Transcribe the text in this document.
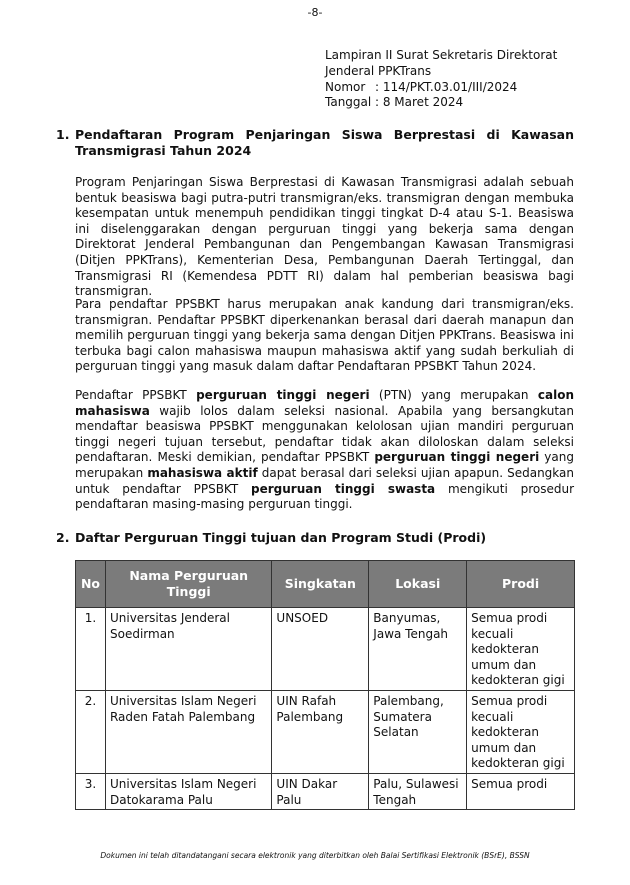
-8-
Lampiran II Surat Sekretaris Direktorat
Jenderal PPKTrans
Nomor : 114/PKT.03.01/III/2024
Tanggal : 8 Maret 2024
1. Pendaftaran Program Penjaringan Siswa Berprestasi di Kawasan Transmigrasi Tahun 2024
Program Penjaringan Siswa Berprestasi di Kawasan Transmigrasi adalah sebuah bentuk beasiswa bagi putra-putri transmigran/eks. transmigran dengan membuka kesempatan untuk menempuh pendidikan tinggi tingkat D-4 atau S-1. Beasiswa ini diselenggarakan dengan perguruan tinggi yang bekerja sama dengan Direktorat Jenderal Pembangunan dan Pengembangan Kawasan Transmigrasi (Ditjen PPKTrans), Kementerian Desa, Pembangunan Daerah Tertinggal, dan Transmigrasi RI (Kemendesa PDTT RI) dalam hal pemberian beasiswa bagi transmigran.
Para pendaftar PPSBKT harus merupakan anak kandung dari transmigran/eks. transmigran. Pendaftar PPSBKT diperkenankan berasal dari daerah manapun dan memilih perguruan tinggi yang bekerja sama dengan Ditjen PPKTrans. Beasiswa ini terbuka bagi calon mahasiswa maupun mahasiswa aktif yang sudah berkuliah di perguruan tinggi yang masuk dalam daftar Pendaftaran PPSBKT Tahun 2024.
Pendaftar PPSBKT perguruan tinggi negeri (PTN) yang merupakan calon mahasiswa wajib lolos dalam seleksi nasional. Apabila yang bersangkutan mendaftar beasiswa PPSBKT menggunakan kelolosan ujian mandiri perguruan tinggi negeri tujuan tersebut, pendaftar tidak akan diloloskan dalam seleksi pendaftaran. Meski demikian, pendaftar PPSBKT perguruan tinggi negeri yang merupakan mahasiswa aktif dapat berasal dari seleksi ujian apapun. Sedangkan untuk pendaftar PPSBKT perguruan tinggi swasta mengikuti prosedur pendaftaran masing-masing perguruan tinggi.
2. Daftar Perguruan Tinggi tujuan dan Program Studi (Prodi)
No	Nama Perguruan Tinggi	Singkatan	Lokasi	Prodi
1.	Universitas Jenderal Soedirman	UNSOED	Banyumas, Jawa Tengah	Semua prodi kecuali kedokteran umum dan kedokteran gigi
2.	Universitas Islam Negeri Raden Fatah Palembang	UIN Rafah Palembang	Palembang, Sumatera Selatan	Semua prodi kecuali kedokteran umum dan kedokteran gigi
3.	Universitas Islam Negeri Datokarama Palu	UIN Dakar Palu	Palu, Sulawesi Tengah	Semua prodi
Dokumen ini telah ditandatangani secara elektronik yang diterbitkan oleh Balai Sertifikasi Elektronik (BSrE), BSSN
